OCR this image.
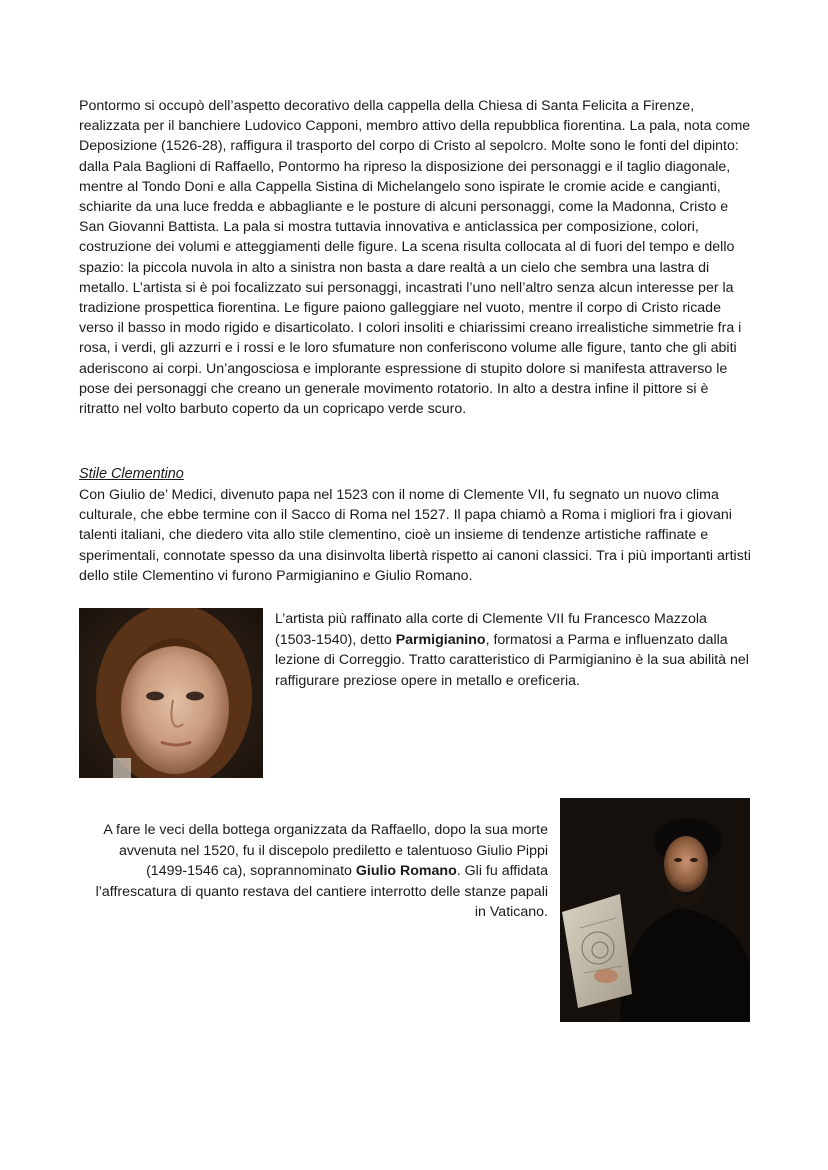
Pontormo si occupò dell’aspetto decorativo della cappella della Chiesa di Santa Felicita a Firenze, realizzata per il banchiere Ludovico Capponi, membro attivo della repubblica fiorentina. La pala, nota come Deposizione (1526-28), raffigura il trasporto del corpo di Cristo al sepolcro. Molte sono le fonti del dipinto: dalla Pala Baglioni di Raffaello, Pontormo ha ripreso la disposizione dei personaggi e il taglio diagonale, mentre al Tondo Doni e alla Cappella Sistina di Michelangelo sono ispirate le cromie acide e cangianti, schiarite da una luce fredda e abbagliante e le posture di alcuni personaggi, come la Madonna, Cristo e San Giovanni Battista. La pala si mostra tuttavia innovativa e anticlassica per composizione, colori, costruzione dei volumi e atteggiamenti delle figure. La scena risulta collocata al di fuori del tempo e dello spazio: la piccola nuvola in alto a sinistra non basta a dare realtà a un cielo che sembra una lastra di metallo. L’artista si è poi focalizzato sui personaggi, incastrati l’uno nell’altro senza alcun interesse per la tradizione prospettica fiorentina. Le figure paiono galleggiare nel vuoto, mentre il corpo di Cristo ricade verso il basso in modo rigido e disarticolato. I colori insoliti e chiarissimi creano irrealistiche simmetrie fra i rosa, i verdi, gli azzurri e i rossi e le loro sfumature non conferiscono volume alle figure, tanto che gli abiti aderiscono ai corpi. Un’angosciosa e implorante espressione di stupito dolore si manifesta attraverso le pose dei personaggi che creano un generale movimento rotatorio. In alto a destra infine il pittore si è ritratto nel volto barbuto coperto da un copricapo verde scuro.

Stile Clementino

Con Giulio de’ Medici, divenuto papa nel 1523 con il nome di Clemente VII, fu segnato un nuovo clima culturale, che ebbe termine con il Sacco di Roma nel 1527. Il papa chiamò a Roma i migliori fra i giovani talenti italiani, che diedero vita allo stile clementino, cioè un insieme di tendenze artistiche raffinate e sperimentali, connotate spesso da una disinvolta libertà rispetto ai canoni classici. Tra i più importanti artisti dello stile Clementino vi furono Parmigianino e Giulio Romano.

L’artista più raffinato alla corte di Clemente VII fu Francesco Mazzola (1503-1540), detto Parmigianino, formatosi a Parma e influenzato dalla lezione di Correggio. Tratto caratteristico di Parmigianino è la sua abilità nel raffigurare preziose opere in metallo e oreficeria.

A fare le veci della bottega organizzata da Raffaello, dopo la sua morte avvenuta nel 1520, fu il discepolo prediletto e talentuoso Giulio Pippi (1499-1546 ca), soprannominato Giulio Romano. Gli fu affidata l’affrescatura di quanto restava del cantiere interrotto delle stanze papali in Vaticano.
